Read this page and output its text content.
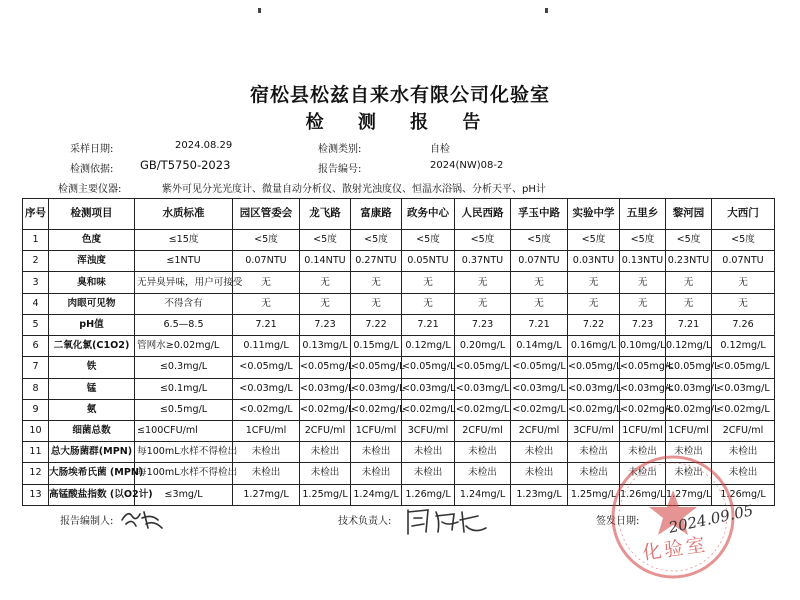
宿松县松兹自来水有限公司化验室
检 测 报 告
采样日期:	2024.08.29	检测类别:	自检
检测依据: GB/T5750-2023	报告编号:	2024(NW)08-2
检测主要仪器:	紫外可见分光光度计、微量自动分析仪、散射光浊度仪、恒温水浴锅、分析天平、pH计
序号	检测项目	水质标准	园区管委会	龙飞路	富康路	政务中心	人民西路	孚玉中路	实验中学	五里乡	黎河园	大西门
1	色度	≤15度	<5度	<5度	<5度	<5度	<5度	<5度	<5度	<5度	<5度	<5度
2	浑浊度	≤1NTU	0.07NTU	0.14NTU	0.27NTU	0.05NTU	0.37NTU	0.07NTU	0.03NTU	0.13NTU	0.23NTU	0.07NTU
3	臭和味	无异臭异味，用户可接受	无	无	无	无	无	无	无	无	无	无
4	肉眼可见物	不得含有	无	无	无	无	无	无	无	无	无	无
5	pH值	6.5—8.5	7.21	7.23	7.22	7.21	7.23	7.21	7.22	7.23	7.21	7.26
6	二氧化氯(C1O2)	管网水≥0.02mg/L	0.11mg/L	0.13mg/L	0.15mg/L	0.12mg/L	0.20mg/L	0.14mg/L	0.16mg/L	0.10mg/L	0.12mg/L	0.12mg/L
7	铁	≤0.3mg/L	<0.05mg/L	<0.05mg/L	<0.05mg/L	<0.05mg/L	<0.05mg/L	<0.05mg/L	<0.05mg/L	<0.05mg/L	<0.05mg/L	<0.05mg/L
8	锰	≤0.1mg/L	<0.03mg/L	<0.03mg/L	<0.03mg/L	<0.03mg/L	<0.03mg/L	<0.03mg/L	<0.03mg/L	<0.03mg/L	<0.03mg/L	<0.03mg/L
9	氨	≤0.5mg/L	<0.02mg/L	<0.02mg/L	<0.02mg/L	<0.02mg/L	<0.02mg/L	<0.02mg/L	<0.02mg/L	<0.02mg/L	<0.02mg/L	<0.02mg/L
10	细菌总数	≤100CFU/ml	1CFU/ml	2CFU/ml	1CFU/ml	3CFU/ml	2CFU/ml	2CFU/ml	3CFU/ml	1CFU/ml	1CFU/ml	2CFU/ml
11	总大肠菌群(MPN)	每100mL水样不得检出	未检出	未检出	未检出	未检出	未检出	未检出	未检出	未检出	未检出	未检出
12	大肠埃希氏菌 (MPN)	每100mL水样不得检出	未检出	未检出	未检出	未检出	未检出	未检出	未检出	未检出	未检出	未检出
13	高锰酸盐指数 (以O2计)	≤3mg/L	1.27mg/L	1.25mg/L	1.24mg/L	1.26mg/L	1.24mg/L	1.23mg/L	1.25mg/L	1.26mg/L	1.27mg/L	1.26mg/L
报告编制人:	技术负责人:	签发日期:
化验室
2024.09.05
